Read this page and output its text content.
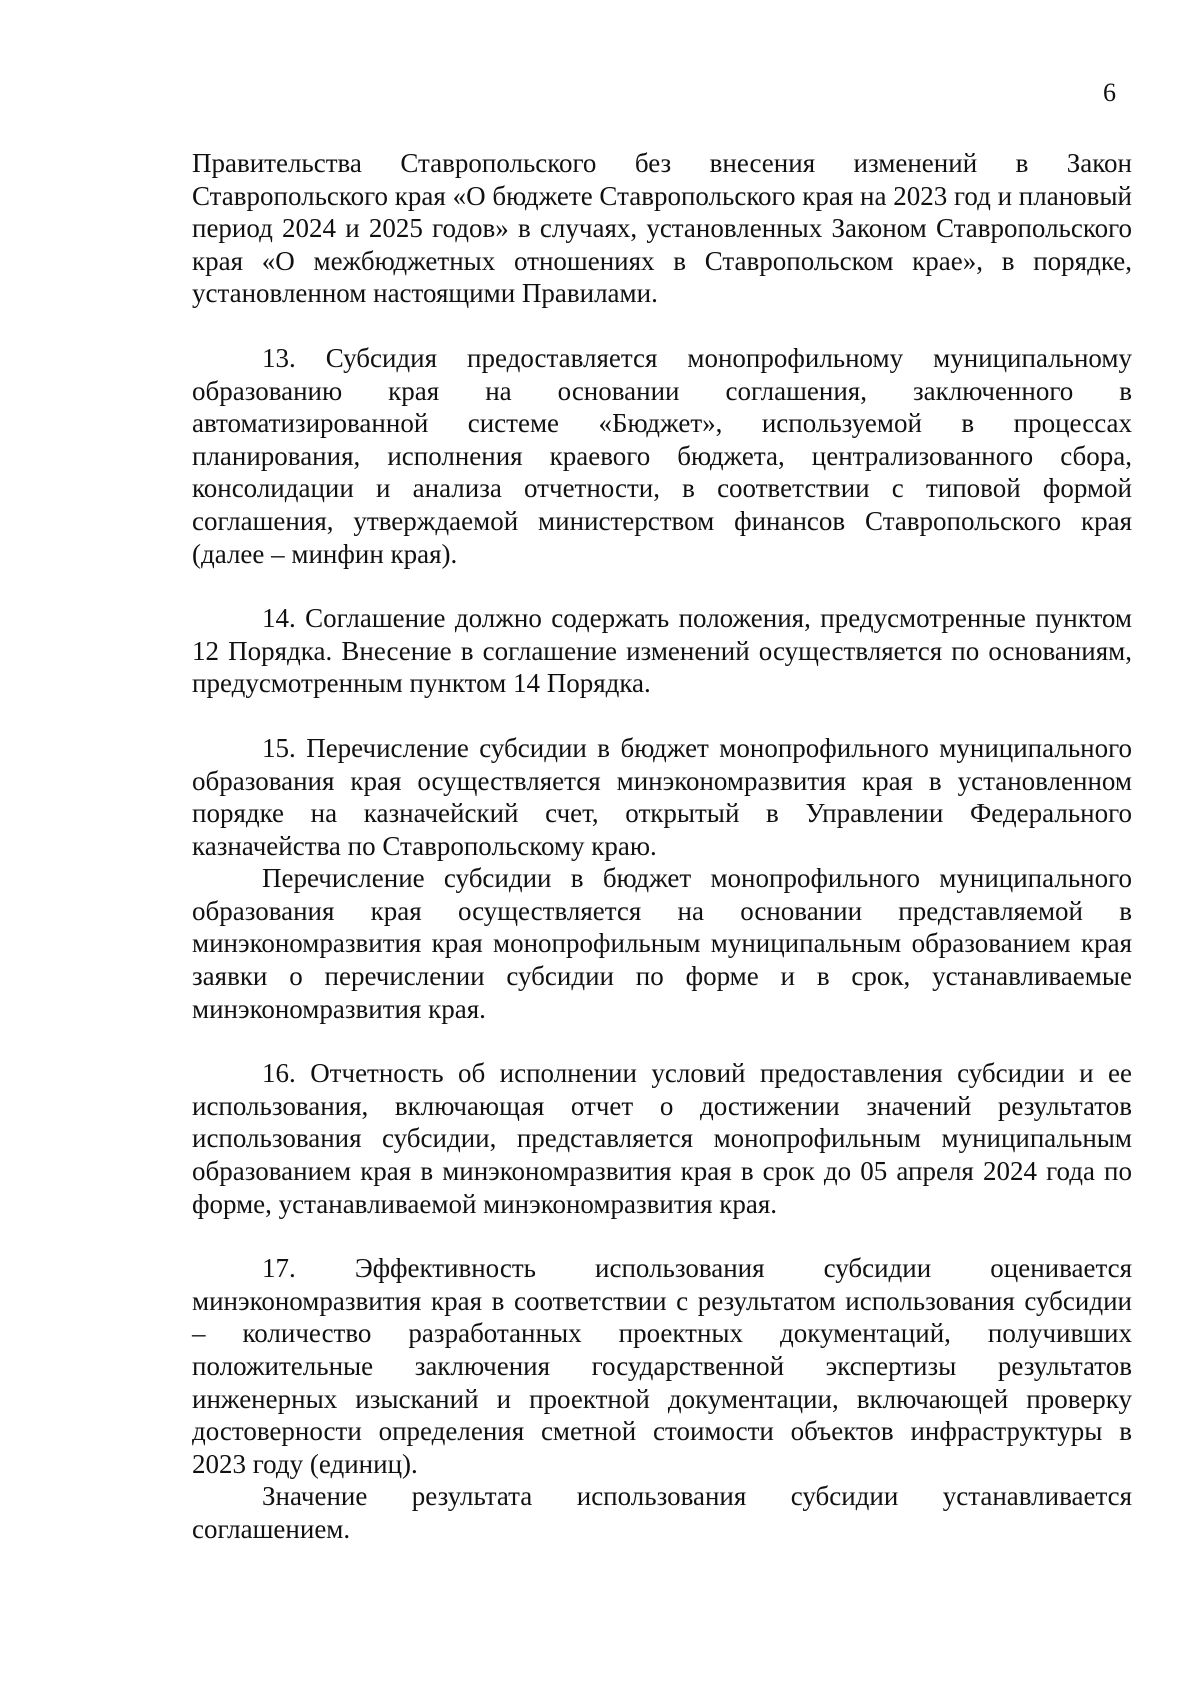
6

Правительства Ставропольского без внесения изменений в Закон Ставропольского края «О бюджете Ставропольского края на 2023 год и плановый период 2024 и 2025 годов» в случаях, установленных Законом Ставропольского края «О межбюджетных отношениях в Ставропольском крае», в порядке, установленном настоящими Правилами.

13. Субсидия предоставляется монопрофильному муниципальному образованию края на основании соглашения, заключенного в автоматизированной системе «Бюджет», используемой в процессах планирования, исполнения краевого бюджета, централизованного сбора, консолидации и анализа отчетности, в соответствии с типовой формой соглашения, утверждаемой министерством финансов Ставропольского края (далее – минфин края).

14. Соглашение должно содержать положения, предусмотренные пунктом 12 Порядка. Внесение в соглашение изменений осуществляется по основаниям, предусмотренным пунктом 14 Порядка.

15. Перечисление субсидии в бюджет монопрофильного муниципального образования края осуществляется минэкономразвития края в установленном порядке на казначейский счет, открытый в Управлении Федерального казначейства по Ставропольскому краю.

Перечисление субсидии в бюджет монопрофильного муниципального образования края осуществляется на основании представляемой в минэкономразвития края монопрофильным муниципальным образованием края заявки о перечислении субсидии по форме и в срок, устанавливаемые минэкономразвития края.

16. Отчетность об исполнении условий предоставления субсидии и ее использования, включающая отчет о достижении значений результатов использования субсидии, представляется монопрофильным муниципальным образованием края в минэкономразвития края в срок до 05 апреля 2024 года по форме, устанавливаемой минэкономразвития края.

17. Эффективность использования субсидии оценивается минэкономразвития края в соответствии с результатом использования субсидии – количество разработанных проектных документаций, получивших положительные заключения государственной экспертизы результатов инженерных изысканий и проектной документации, включающей проверку достоверности определения сметной стоимости объектов инфраструктуры в 2023 году (единиц).

Значение результата использования субсидии устанавливается соглашением.
